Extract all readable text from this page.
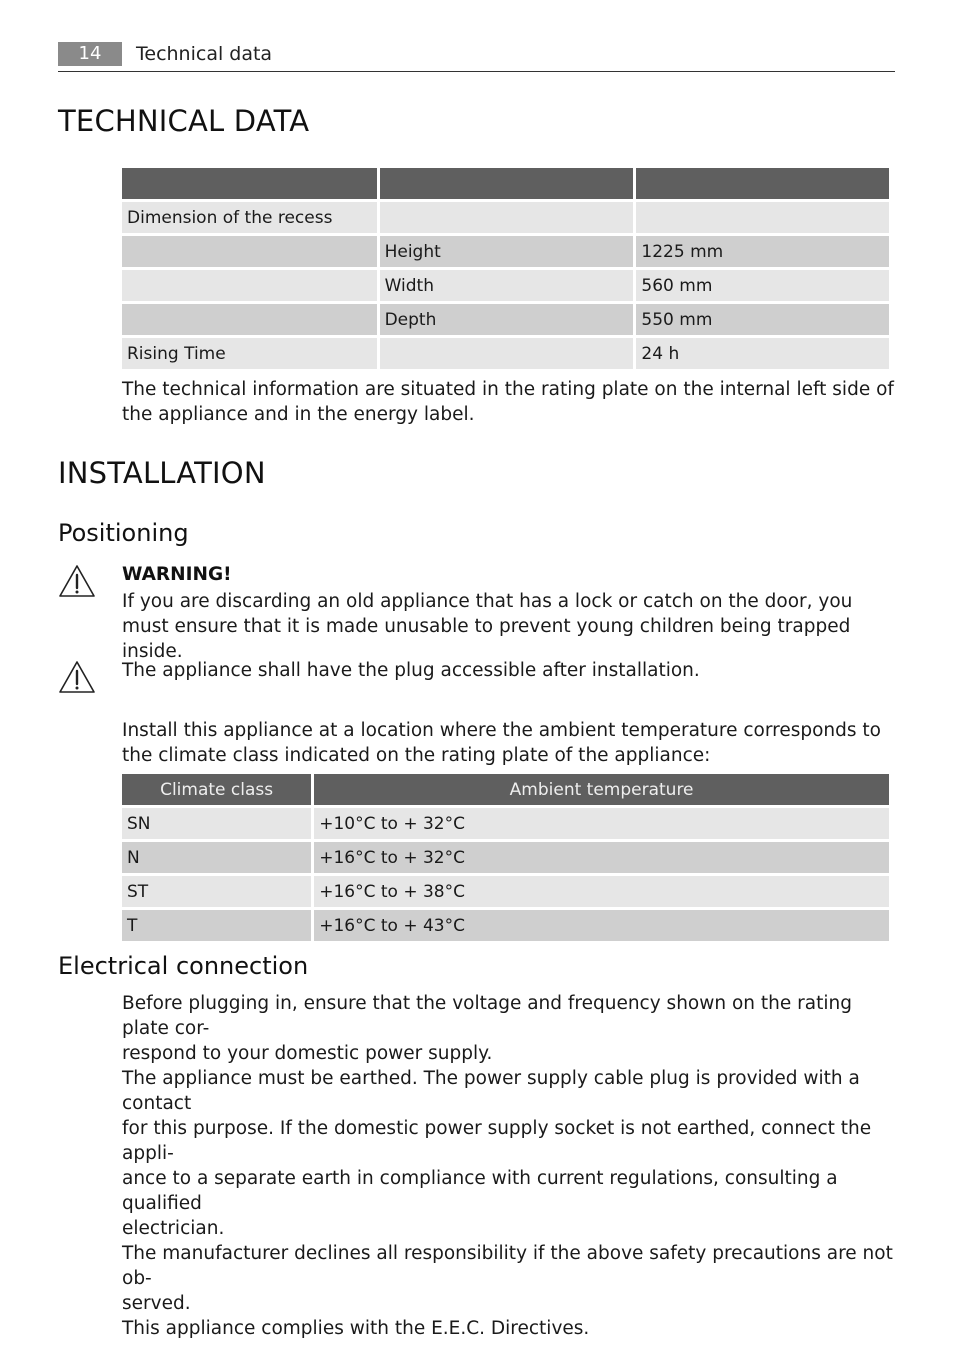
14	Technical data
TECHNICAL DATA

Dimension of the recess		
	Height	1225 mm
	Width	560 mm
	Depth	550 mm
Rising Time		24 h

The technical information are situated in the rating plate on the internal left side of the appliance and in the energy label.

INSTALLATION
Positioning
WARNING!

If you are discarding an old appliance that has a lock or catch on the door, you must ensure that it is made unusable to prevent young children being trapped inside.

The appliance shall have the plug accessible after installation.

Install this appliance at a location where the ambient temperature corresponds to the climate class indicated on the rating plate of the appliance:

Climate class	Ambient temperature
SN	+10°C to + 32°C
N	+16°C to + 32°C
ST	+16°C to + 38°C
T	+16°C to + 43°C
Electrical connection
Before plugging in, ensure that the voltage and frequency shown on the rating plate cor-
respond to your domestic power supply.
The appliance must be earthed. The power supply cable plug is provided with a contact
for this purpose. If the domestic power supply socket is not earthed, connect the appli-
ance to a separate earth in compliance with current regulations, consulting a qualified
electrician.
The manufacturer declines all responsibility if the above safety precautions are not ob-
served.
This appliance complies with the E.E.C. Directives.
